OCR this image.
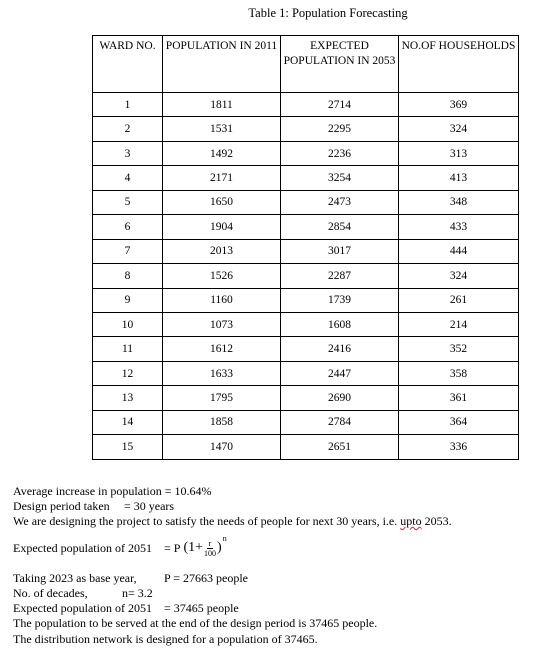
Table 1: Population Forecasting
WARD NO.	POPULATION IN 2011	EXPECTED POPULATION IN 2053	NO.OF HOUSEHOLDS
1	1811	2714	369
2	1531	2295	324
3	1492	2236	313
4	2171	3254	413
5	1650	2473	348
6	1904	2854	433
7	2013	3017	444
8	1526	2287	324
9	1160	1739	261
10	1073	1608	214
11	1612	2416	352
12	1633	2447	358
13	1795	2690	361
14	1858	2784	364
15	1470	2651	336
Average increase in population = 10.64%
Design period taken = 30 years
We are designing the project to satisfy the needs of people for next 30 years, i.e. upto 2053.
Expected population of 2051 = P
($1+ \frac{r}{100}$ )
n
Taking 2023 as base year, P = 27663 people
No. of decades,	n= 3.2
Expected population of 2051 = 37465 people
The population to be served at the end of the design period is 37465 people.
The distribution network is designed for a population of 37465.
